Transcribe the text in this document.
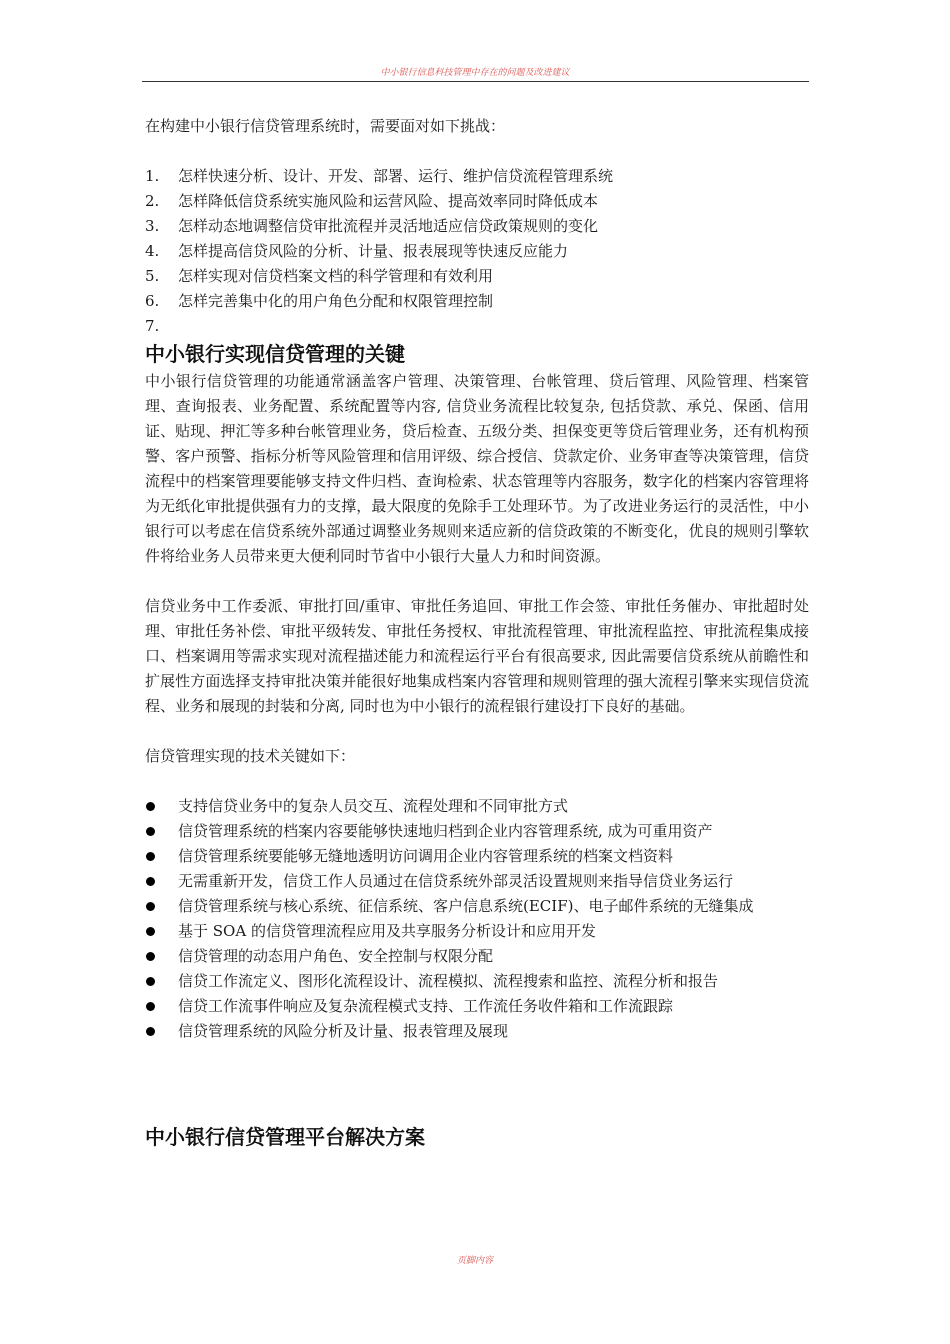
中小银行信息科技管理中存在的问题及改进建议

在构建中小银行信贷管理系统时，需要面对如下挑战：

1. 怎样快速分析、设计、开发、部署、运行、维护信贷流程管理系统
2. 怎样降低信贷系统实施风险和运营风险、提高效率同时降低成本
3. 怎样动态地调整信贷审批流程并灵活地适应信贷政策规则的变化
4. 怎样提高信贷风险的分析、计量、报表展现等快速反应能力
5. 怎样实现对信贷档案文档的科学管理和有效利用
6. 怎样完善集中化的用户角色分配和权限管理控制
7.
中小银行实现信贷管理的关键

中小银行信贷管理的功能通常涵盖客户管理、决策管理、台帐管理、贷后管理、风险管理、档案管理、查询报表、业务配置、系统配置等内容, 信贷业务流程比较复杂, 包括贷款、承兑、保函、信用证、贴现、押汇等多种台帐管理业务，贷后检查、五级分类、担保变更等贷后管理业务，还有机构预警、客户预警、指标分析等风险管理和信用评级、综合授信、贷款定价、业务审查等决策管理，信贷流程中的档案管理要能够支持文件归档、查询检索、状态管理等内容服务，数字化的档案内容管理将为无纸化审批提供强有力的支撑，最大限度的免除手工处理环节。为了改进业务运行的灵活性，中小银行可以考虑在信贷系统外部通过调整业务规则来适应新的信贷政策的不断变化，优良的规则引擎软件将给业务人员带来更大便利同时节省中小银行大量人力和时间资源。

信贷业务中工作委派、审批打回/重审、审批任务追回、审批工作会签、审批任务催办、审批超时处理、审批任务补偿、审批平级转发、审批任务授权、审批流程管理、审批流程监控、审批流程集成接口、档案调用等需求实现对流程描述能力和流程运行平台有很高要求, 因此需要信贷系统从前瞻性和扩展性方面选择支持审批决策并能很好地集成档案内容管理和规则管理的强大流程引擎来实现信贷流程、业务和展现的封装和分离, 同时也为中小银行的流程银行建设打下良好的基础。

信贷管理实现的技术关键如下：

支持信贷业务中的复杂人员交互、流程处理和不同审批方式
信贷管理系统的档案内容要能够快速地归档到企业内容管理系统, 成为可重用资产
信贷管理系统要能够无缝地透明访问调用企业内容管理系统的档案文档资料
无需重新开发，信贷工作人员通过在信贷系统外部灵活设置规则来指导信贷业务运行
信贷管理系统与核心系统、征信系统、客户信息系统(ECIF)、电子邮件系统的无缝集成
基于 SOA 的信贷管理流程应用及共享服务分析设计和应用开发
信贷管理的动态用户角色、安全控制与权限分配
信贷工作流定义、图形化流程设计、流程模拟、流程搜索和监控、流程分析和报告
信贷工作流事件响应及复杂流程模式支持、工作流任务收件箱和工作流跟踪
信贷管理系统的风险分析及计量、报表管理及展现
中小银行信贷管理平台解决方案
页脚内容
